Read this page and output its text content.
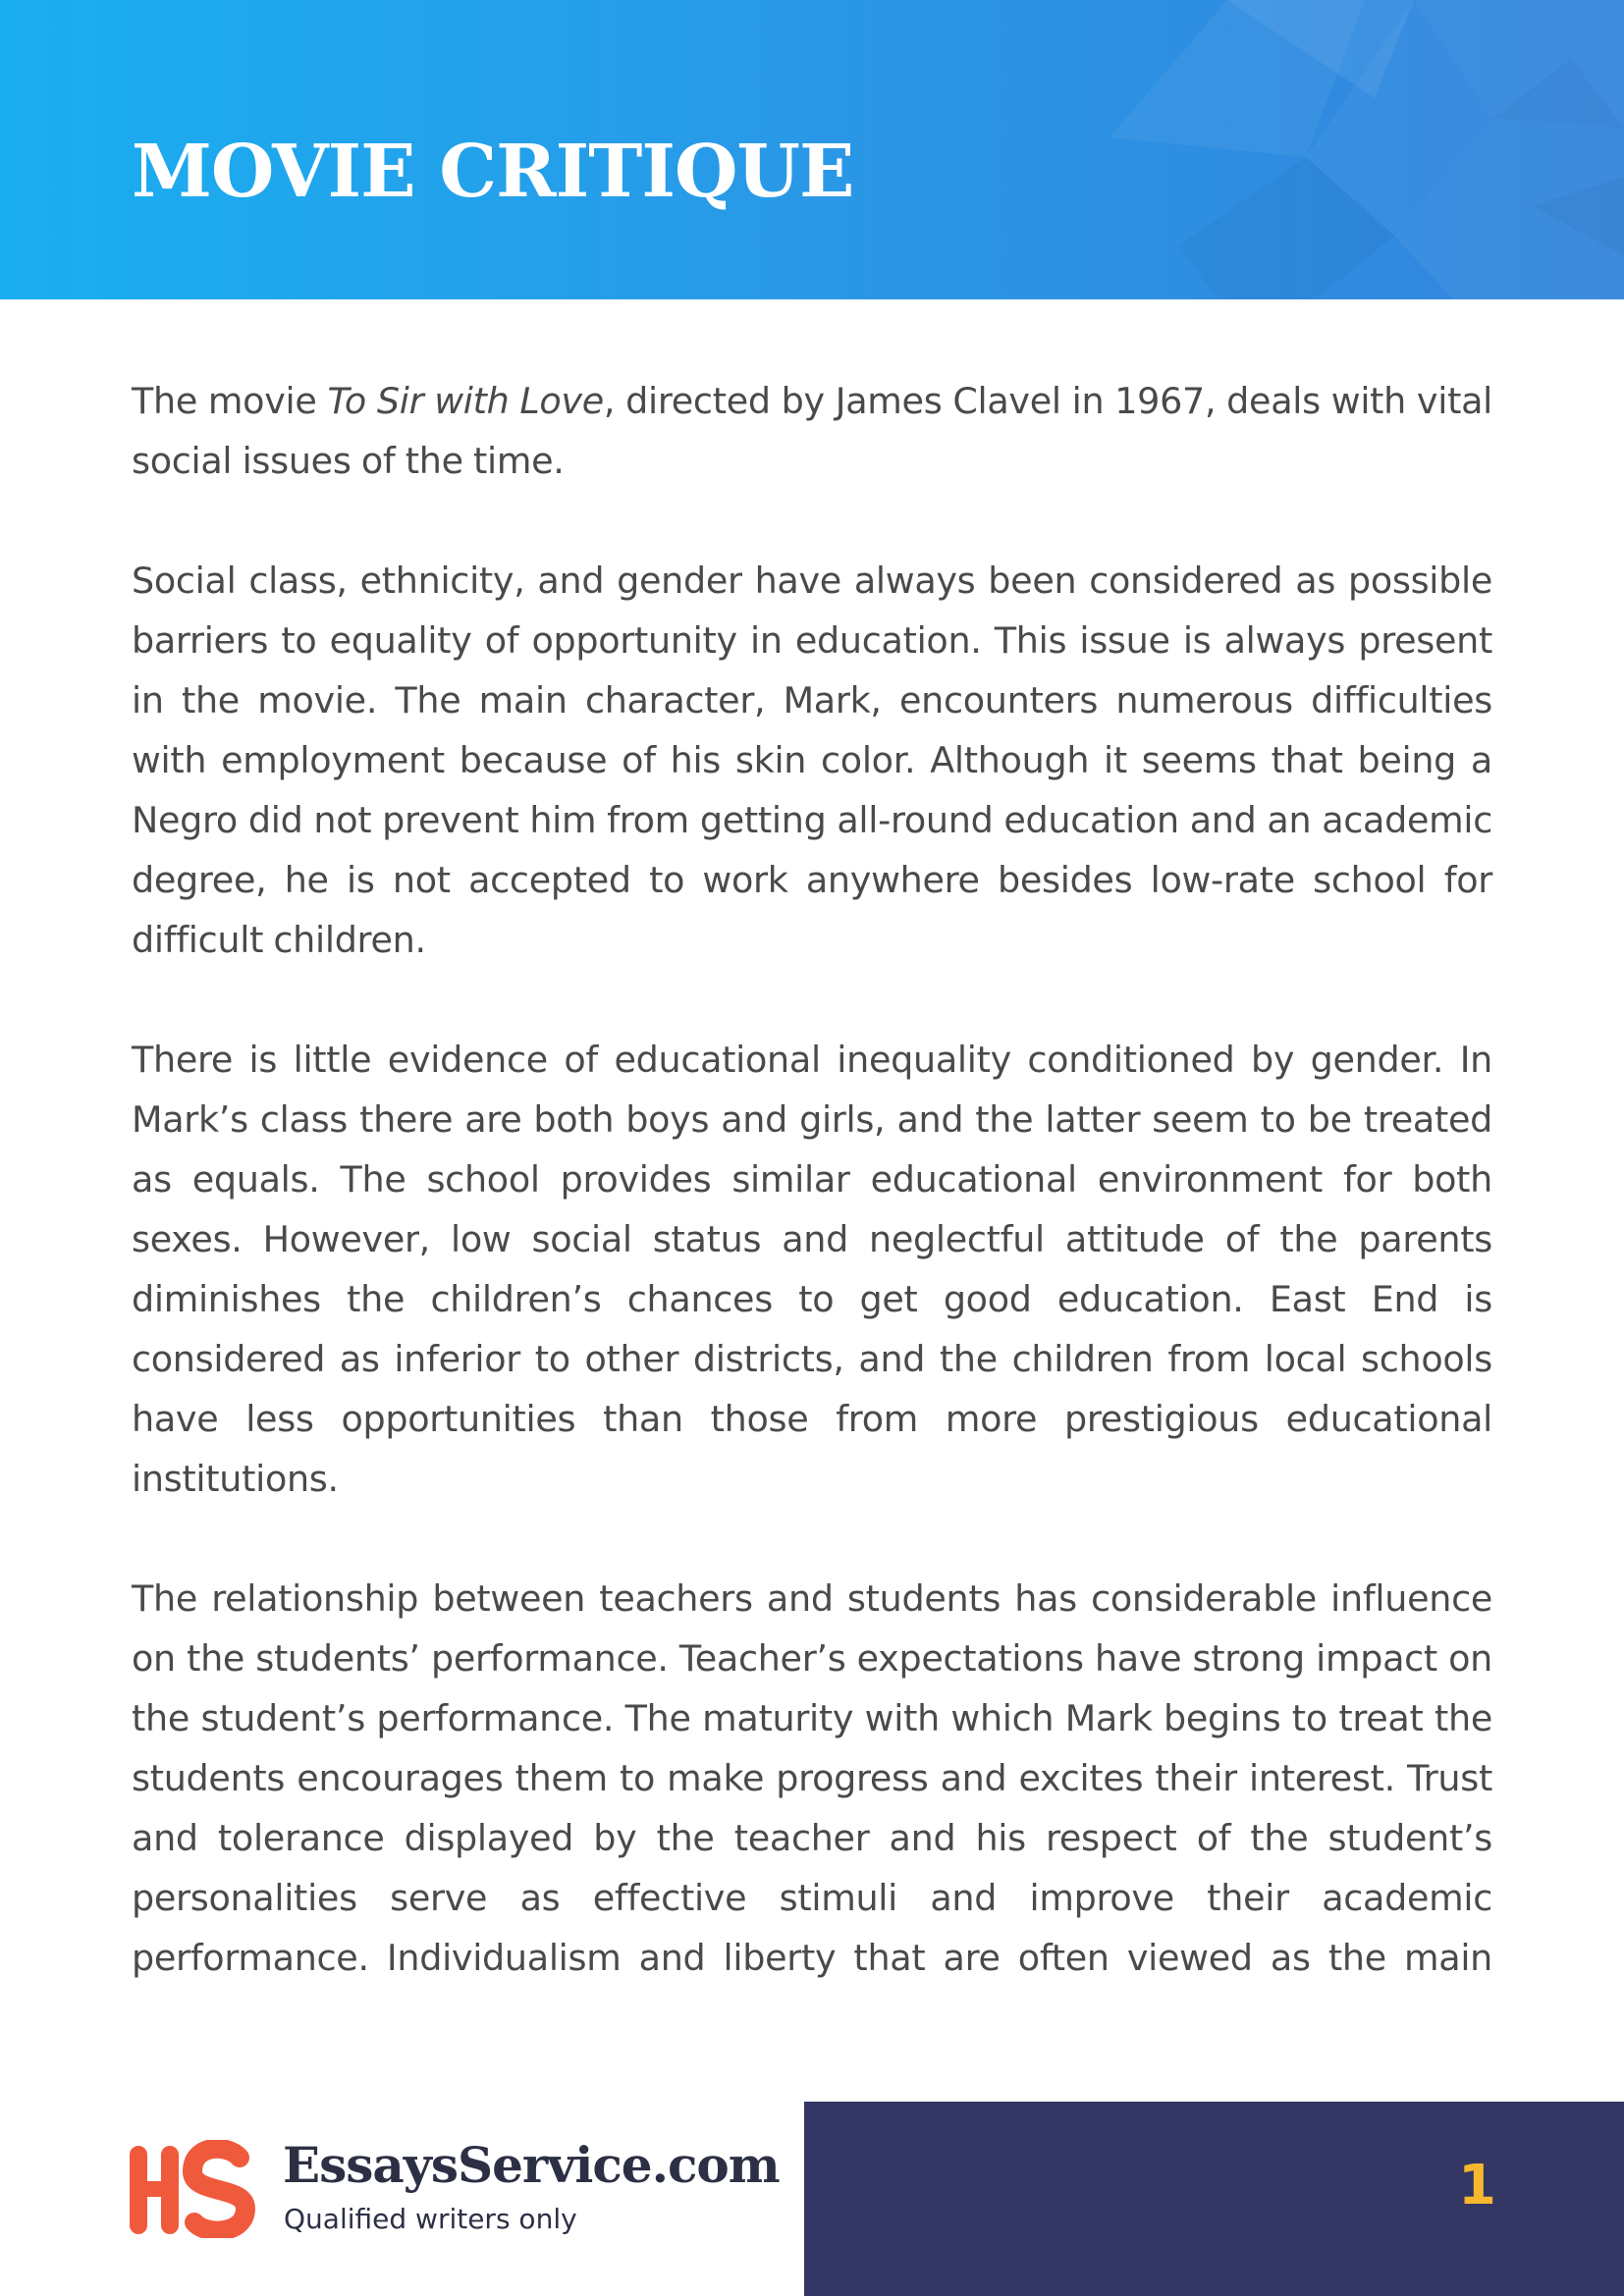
MOVIE CRITIQUE

The movie To Sir with Love, directed by James Clavel in 1967, deals with vital social issues of the time.

Social class, ethnicity, and gender have always been considered as possible barriers to equality of opportunity in education. This issue is always present in the movie. The main character, Mark, encounters numerous difficulties with employment because of his skin color. Although it seems that being a Negro did not prevent him from getting all-round education and an academic degree, he is not accepted to work anywhere besides low-rate school for difficult children.

There is little evidence of educational inequality conditioned by gender. In Mark’s class there are both boys and girls, and the latter seem to be treated as equals. The school provides similar educational environment for both sexes. However, low social status and neglectful attitude of the parents diminishes the children’s chances to get good education. East End is considered as inferior to other districts, and the children from local schools have less opportunities than those from more prestigious educational institutions.

The relationship between teachers and students has considerable influence on the students’ performance. Teacher’s expectations have strong impact on the student’s performance. The maturity with which Mark begins to treat the students encourages them to make progress and excites their interest. Trust and tolerance displayed by the teacher and his respect of the student’s personalities serve as effective stimuli and improve their academic performance. Individualism and liberty that are often viewed as the main

EssaysService.com
Qualified writers only
1
